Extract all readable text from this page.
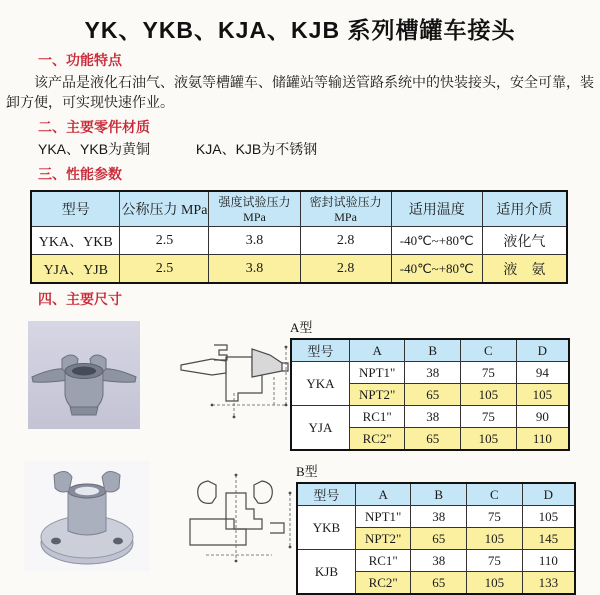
YK、YKB、KJA、KJB 系列槽罐车接头
一、功能特点
该产品是液化石油气、液氨等槽罐车、储罐站等输送管路系统中的快装接头，安全可靠，装卸方便，可实现快速作业。
二、主要零件材质
YKA、YKB为黄铜	KJA、KJB为不锈钢
三、性能参数
型号	公称压力 MPa	强度试验压力MPa	密封试验压力MPa	适用温度	适用介质
YKA、YKB	2.5	3.8	2.8	-40℃~+80℃	液化气
YJA、YJB	2.5	3.8	2.8	-40℃~+80℃	液　氨
四、主要尺寸
A型
型号	A	B	C	D
YKA	NPT1"	38	75	94
	NPT2"	65	105	105
YJA	RC1"	38	75	90
	RC2"	65	105	110
B型
型号	A	B	C	D
YKB	NPT1"	38	75	105
	NPT2"	65	105	145
KJB	RC1"	38	75	110
	RC2"	65	105	133
